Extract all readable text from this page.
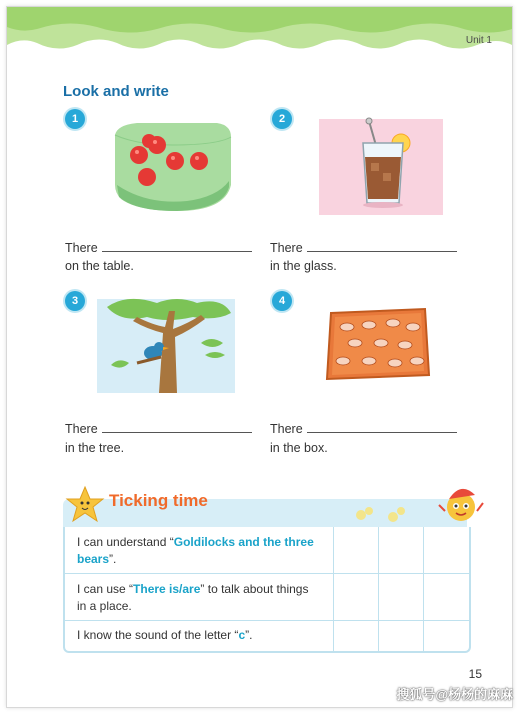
Unit 1
Look and write
1
There
on the table.
2
There
in the glass.
3
There
in the tree.
4
There
in the box.
Ticking time
I can understand “Goldilocks and the three bears”.
I can use “There is/are” to talk about things in a place.
I know the sound of the letter “c”.
15
搜狐号@杨杨的麻麻
